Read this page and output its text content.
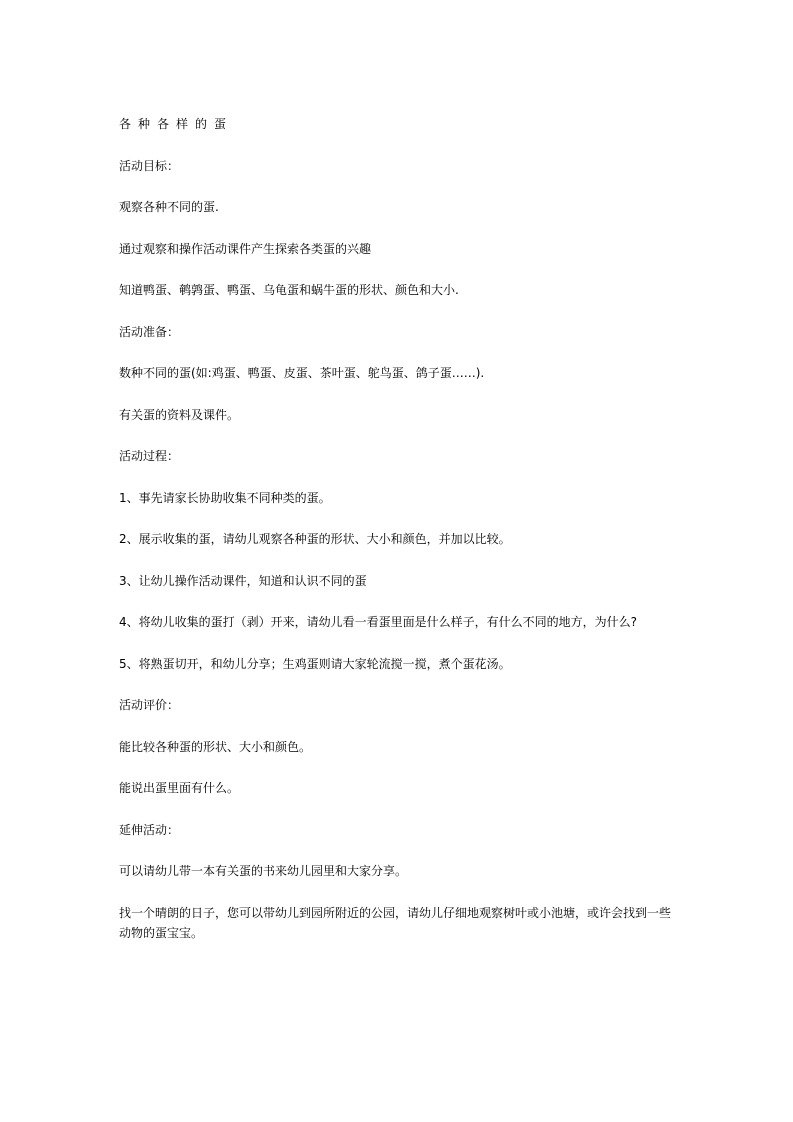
各种各样的蛋

活动目标：

观察各种不同的蛋.

通过观察和操作活动课件产生探索各类蛋的兴趣

知道鸭蛋、鹌鹑蛋、鸭蛋、乌龟蛋和蜗牛蛋的形状、颜色和大小.

活动准备：

数种不同的蛋(如:鸡蛋、鸭蛋、皮蛋、茶叶蛋、鸵鸟蛋、鸽子蛋……).

有关蛋的资料及课件。

活动过程：

1、事先请家长协助收集不同种类的蛋。

2、展示收集的蛋，请幼儿观察各种蛋的形状、大小和颜色，并加以比较。

3、让幼儿操作活动课件，知道和认识不同的蛋

4、将幼儿收集的蛋打（剥）开来，请幼儿看一看蛋里面是什么样子，有什么不同的地方，为什么?

5、将熟蛋切开，和幼儿分享；生鸡蛋则请大家轮流搅一搅，煮个蛋花汤。

活动评价：

能比较各种蛋的形状、大小和颜色。

能说出蛋里面有什么。

延伸活动：

可以请幼儿带一本有关蛋的书来幼儿园里和大家分享。

找一个晴朗的日子，您可以带幼儿到园所附近的公园，请幼儿仔细地观察树叶或小池塘，或许会找到一些动物的蛋宝宝。
